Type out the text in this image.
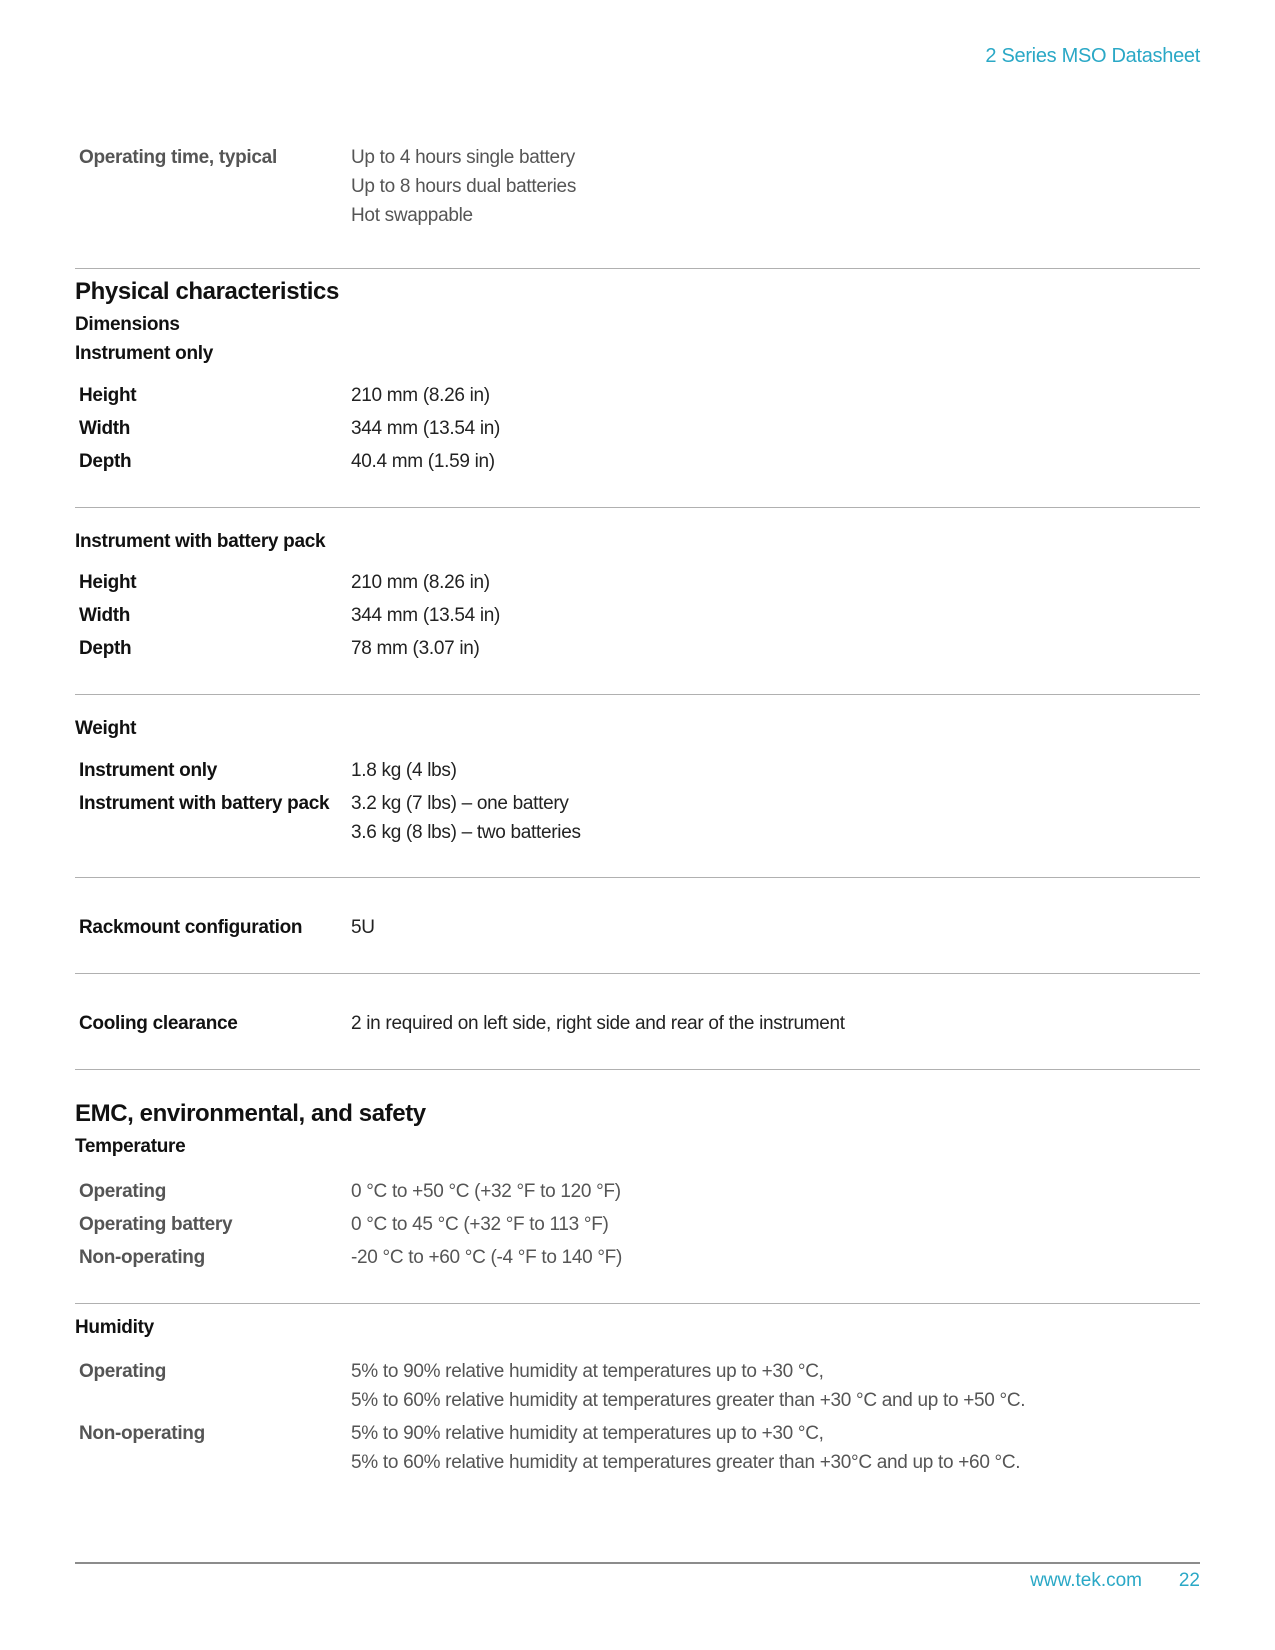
2 Series MSO Datasheet

Operating time, typical	Up to 4 hours single battery

Up to 8 hours dual batteries

Hot swappable

Physical characteristics

Dimensions

Instrument only

Height	210 mm (8.26 in)

Width	344 mm (13.54 in)

Depth	40.4 mm (1.59 in)

Instrument with battery pack

Height	210 mm (8.26 in)

Width	344 mm (13.54 in)

Depth	78 mm (3.07 in)

Weight

Instrument only	1.8 kg (4 lbs)

Instrument with battery pack 3.2 kg (7 lbs) – one battery

3.6 kg (8 lbs) – two batteries

Rackmount configuration	5U

Cooling clearance	2 in required on left side, right side and rear of the instrument

EMC, environmental, and safety

Temperature

Operating	0 °C to +50 °C (+32 °F to 120 °F)

Operating battery	0 °C to 45 °C (+32 °F to 113 °F)

Non-operating	-20 °C to +60 °C (-4 °F to 140 °F)

Humidity

Operating	5% to 90% relative humidity at temperatures up to +30 °C,

5% to 60% relative humidity at temperatures greater than +30 °C and up to +50 °C.

Non-operating	5% to 90% relative humidity at temperatures up to +30 °C,

5% to 60% relative humidity at temperatures greater than +30°C and up to +60 °C.

www.tek.com 22
